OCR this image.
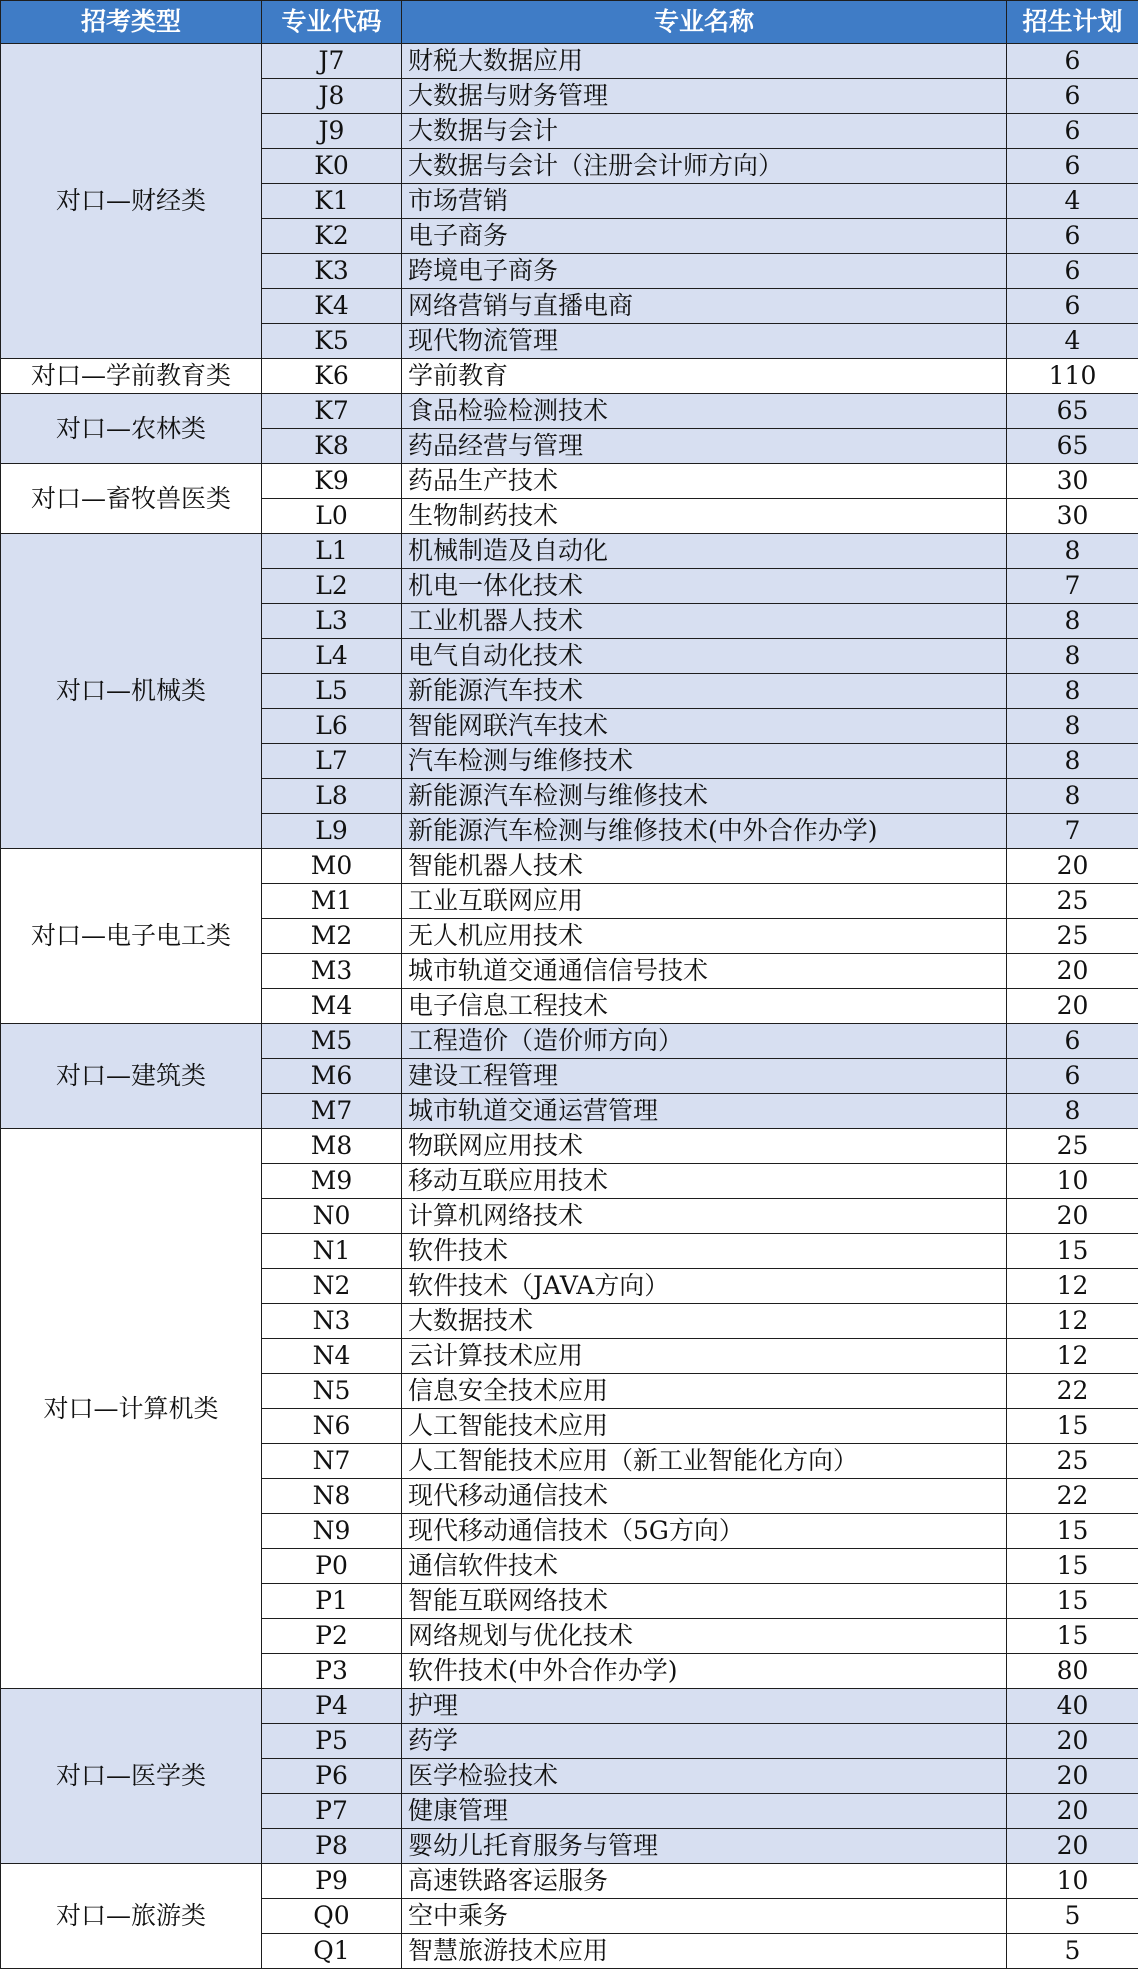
招考类型	专业代码	专业名称	招生计划
对口—财经类	J7	财税大数据应用	6
	J8	大数据与财务管理	6
	J9	大数据与会计	6
	K0	大数据与会计（注册会计师方向）	6
	K1	市场营销	4
	K2	电子商务	6
	K3	跨境电子商务	6
	K4	网络营销与直播电商	6
	K5	现代物流管理	4
对口—学前教育类	K6	学前教育	110
对口—农林类	K7	食品检验检测技术	65
	K8	药品经营与管理	65
对口—畜牧兽医类	K9	药品生产技术	30
	L0	生物制药技术	30
对口—机械类	L1	机械制造及自动化	8
	L2	机电一体化技术	7
	L3	工业机器人技术	8
	L4	电气自动化技术	8
	L5	新能源汽车技术	8
	L6	智能网联汽车技术	8
	L7	汽车检测与维修技术	8
	L8	新能源汽车检测与维修技术	8
	L9	新能源汽车检测与维修技术(中外合作办学)	7
对口—电子电工类	M0	智能机器人技术	20
	M1	工业互联网应用	25
	M2	无人机应用技术	25
	M3	城市轨道交通通信信号技术	20
	M4	电子信息工程技术	20
对口—建筑类	M5	工程造价（造价师方向）	6
	M6	建设工程管理	6
	M7	城市轨道交通运营管理	8
对口—计算机类	M8	物联网应用技术	25
	M9	移动互联应用技术	10
	N0	计算机网络技术	20
	N1	软件技术	15
	N2	软件技术（JAVA方向）	12
	N3	大数据技术	12
	N4	云计算技术应用	12
	N5	信息安全技术应用	22
	N6	人工智能技术应用	15
	N7	人工智能技术应用（新工业智能化方向）	25
	N8	现代移动通信技术	22
	N9	现代移动通信技术（5G方向）	15
	P0	通信软件技术	15
	P1	智能互联网络技术	15
	P2	网络规划与优化技术	15
	P3	软件技术(中外合作办学)	80
对口—医学类	P4	护理	40
	P5	药学	20
	P6	医学检验技术	20
	P7	健康管理	20
	P8	婴幼儿托育服务与管理	20
对口—旅游类	P9	高速铁路客运服务	10
	Q0	空中乘务	5
	Q1	智慧旅游技术应用	5
